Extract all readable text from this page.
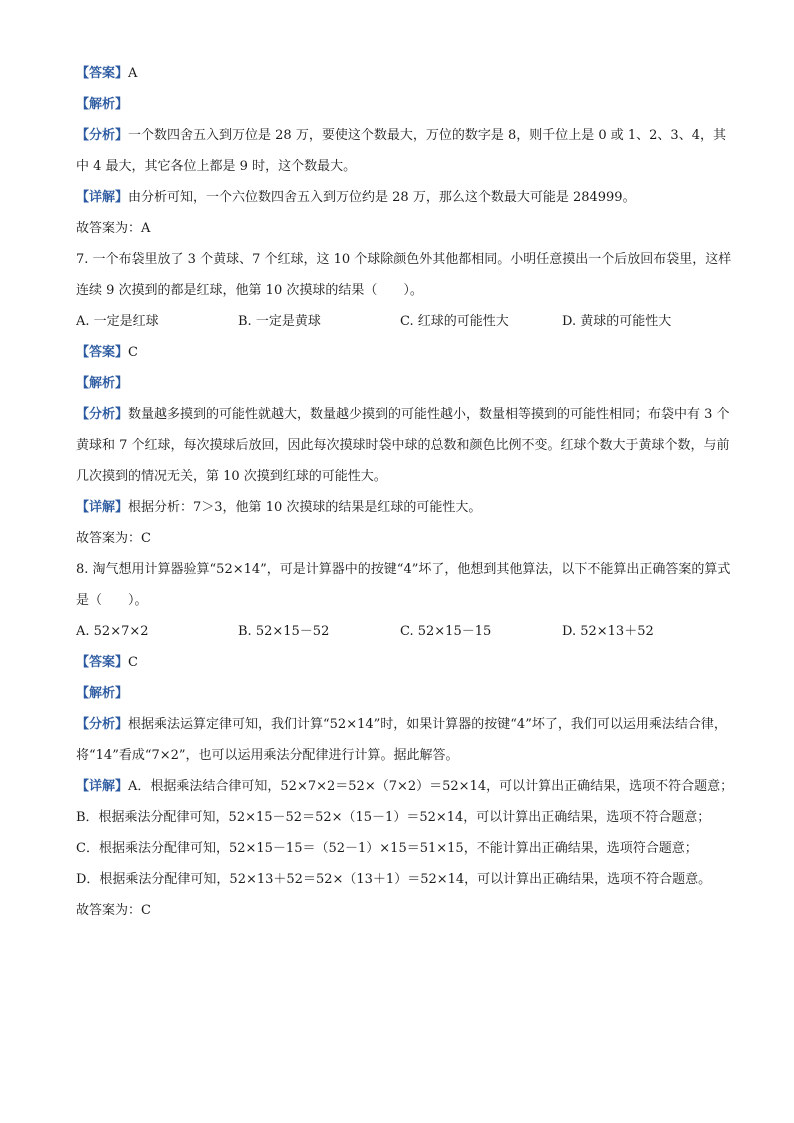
【答案】A

【解析】

【分析】一个数四舍五入到万位是 28 万，要使这个数最大，万位的数字是 8，则千位上是 0 或 1、2、3、4，其中 4 最大，其它各位上都是 9 时，这个数最大。

【详解】由分析可知，一个六位数四舍五入到万位约是 28 万，那么这个数最大可能是 284999。

故答案为：A

7. 一个布袋里放了 3 个黄球、7 个红球，这 10 个球除颜色外其他都相同。小明任意摸出一个后放回布袋里，这样连续 9 次摸到的都是红球，他第 10 次摸球的结果（　　）。

A. 一定是红球	B. 一定是黄球	C. 红球的可能性大	D. 黄球的可能性大

【答案】C

【解析】

【分析】数量越多摸到的可能性就越大，数量越少摸到的可能性越小，数量相等摸到的可能性相同；布袋中有 3 个黄球和 7 个红球，每次摸球后放回，因此每次摸球时袋中球的总数和颜色比例不变。红球个数大于黄球个数，与前几次摸到的情况无关，第 10 次摸到红球的可能性大。

【详解】根据分析：7＞3，他第 10 次摸球的结果是红球的可能性大。

故答案为：C

8. 淘气想用计算器验算“52×14”，可是计算器中的按键“4”坏了，他想到其他算法，以下不能算出正确答案的算式是（　　）。

A. 52×7×2	B. 52×15－52	C. 52×15－15	D. 52×13＋52

【答案】C

【解析】

【分析】根据乘法运算定律可知，我们计算“52×14”时，如果计算器的按键“4”坏了，我们可以运用乘法结合律，将“14”看成“7×2”，也可以运用乘法分配律进行计算。据此解答。

【详解】A．根据乘法结合律可知，52×7×2＝52×（7×2）＝52×14，可以计算出正确结果，选项不符合题意；

B．根据乘法分配律可知，52×15－52＝52×（15－1）＝52×14，可以计算出正确结果，选项不符合题意；

C．根据乘法分配律可知，52×15－15＝（52－1）×15＝51×15，不能计算出正确结果，选项符合题意；

D．根据乘法分配律可知，52×13＋52＝52×（13＋1）＝52×14，可以计算出正确结果，选项不符合题意。

故答案为：C
